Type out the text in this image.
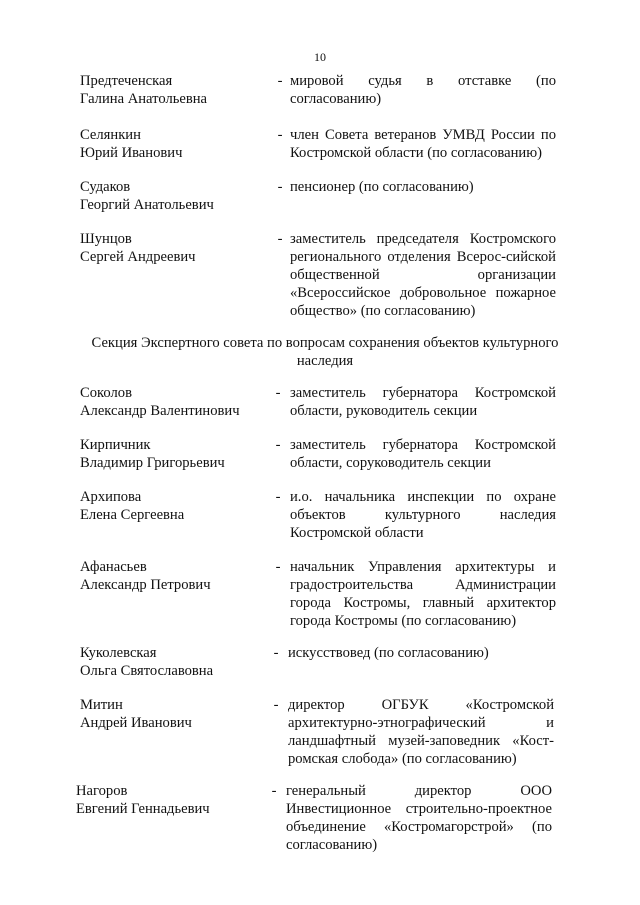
10
Предтеченская
Галина Анатольевна
- мировой судья в отставке (по согласованию)
Селянкин
Юрий Иванович
- член Совета ветеранов УМВД России по Костромской области (по согласованию)
Судаков
Георгий Анатольевич
- пенсионер (по согласованию)
Шунцов
Сергей Андреевич
- заместитель председателя Костромского регионального отделения Всерос-сийской общественной организации «Всероссийское добровольное пожарное общество» (по согласованию)
Секция Экспертного совета по вопросам сохранения объектов культурного наследия
Соколов
Александр Валентинович
- заместитель губернатора Костромской области, руководитель секции
Кирпичник
Владимир Григорьевич
- заместитель губернатора Костромской области, соруководитель секции
Архипова
Елена Сергеевна
- и.о. начальника инспекции по охране объектов культурного наследия Костромской области
Афанасьев
Александр Петрович
- начальник Управления архитектуры и градостроительства Администрации города Костромы, главный архитектор города Костромы (по согласованию)
Куколевская
Ольга Святославовна
- искусствовед (по согласованию)
Митин
Андрей Иванович
- директор ОГБУК «Костромской архитектурно-этнографический и ландшафтный музей-заповедник «Кост-ромская слобода» (по согласованию)
Нагоров
Евгений Геннадьевич
- генеральный директор ООО Инвестиционное строительно-проектное объединение «Костромагорстрой» (по согласованию)
